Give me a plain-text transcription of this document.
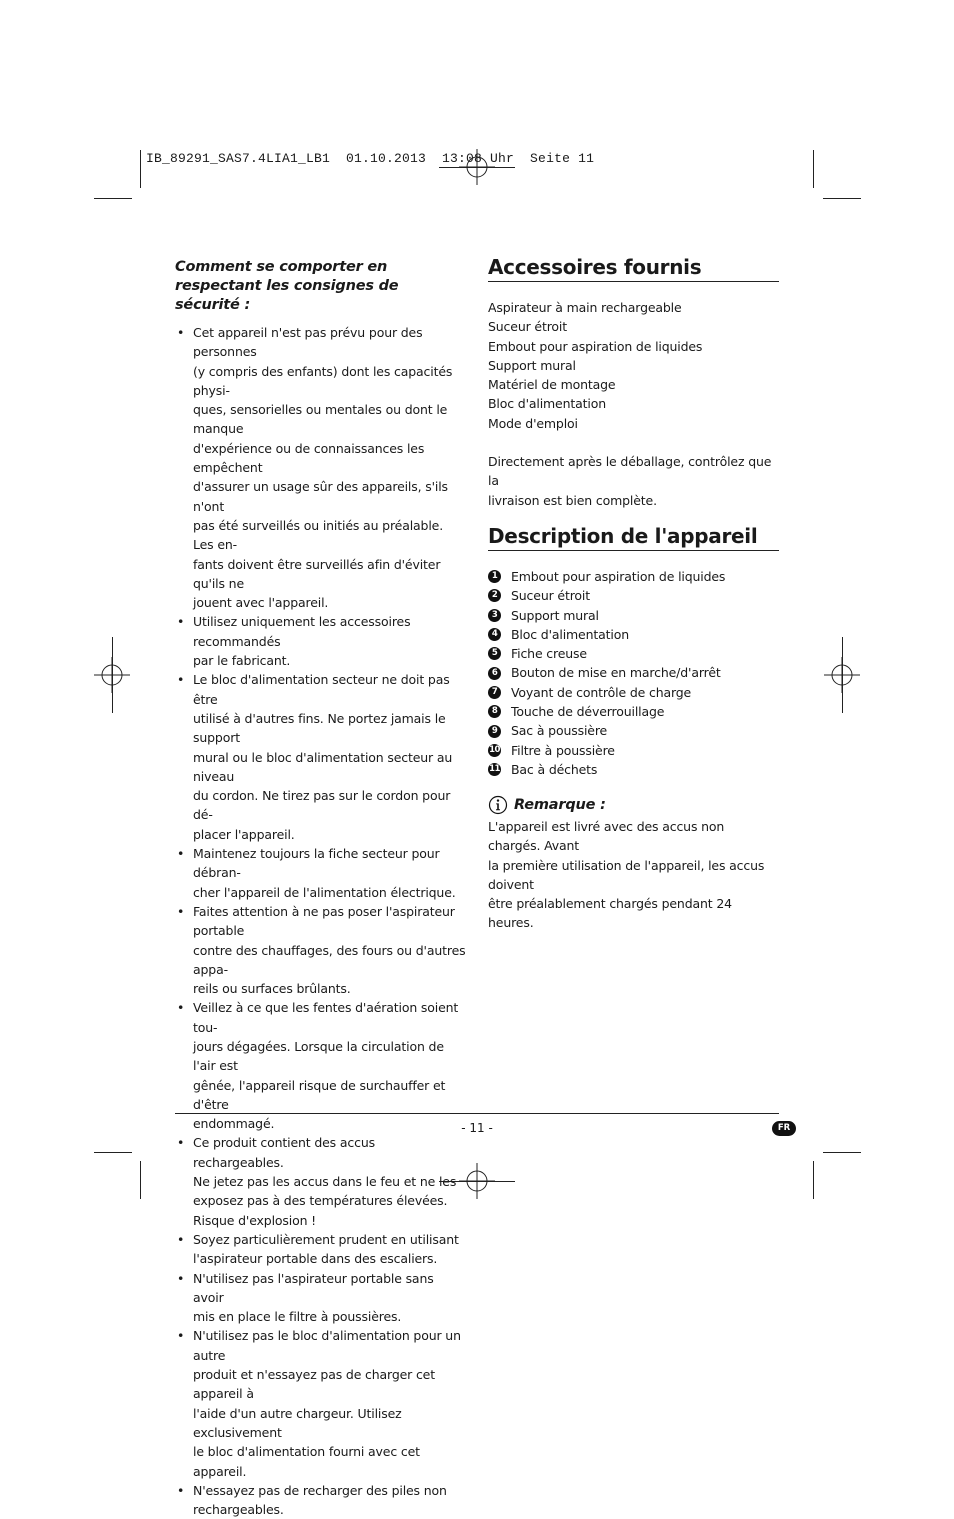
IB_89291_SAS7.4LIA1_LB1  01.10.2013  13:08 Uhr  Seite 11
Comment se comporter en respectant les consignes de sécurité :
• Cet appareil n'est pas prévu pour des personnes
(y compris des enfants) dont les capacités physi-
ques, sensorielles ou mentales ou dont le manque
d'expérience ou de connaissances les empêchent
d'assurer un usage sûr des appareils, s'ils n'ont
pas été surveillés ou initiés au préalable. Les en-
fants doivent être surveillés afin d'éviter qu'ils ne
jouent avec l'appareil.
• Utilisez uniquement les accessoires recommandés
par le fabricant.
• Le bloc d'alimentation secteur ne doit pas être
utilisé à d'autres fins. Ne portez jamais le support
mural ou le bloc d'alimentation secteur au niveau
du cordon. Ne tirez pas sur le cordon pour dé-
placer l'appareil.
• Maintenez toujours la fiche secteur pour débran-
cher l'appareil de l'alimentation électrique.
• Faites attention à ne pas poser l'aspirateur portable
contre des chauffages, des fours ou d'autres appa-
reils ou surfaces brûlants.
• Veillez à ce que les fentes d'aération soient tou-
jours dégagées. Lorsque la circulation de l'air est
gênée, l'appareil risque de surchauffer et d'être
endommagé.
• Ce produit contient des accus rechargeables.
Ne jetez pas les accus dans le feu et ne les
exposez pas à des températures élevées.
Risque d'explosion !
• Soyez particulièrement prudent en utilisant
l'aspirateur portable dans des escaliers.
• N'utilisez pas l'aspirateur portable sans avoir
mis en place le filtre à poussières.
• N'utilisez pas le bloc d'alimentation pour un autre
produit et n'essayez pas de charger cet appareil à
l'aide d'un autre chargeur. Utilisez exclusivement
le bloc d'alimentation fourni avec cet appareil.
• N'essayez pas de recharger des piles non
rechargeables.
Accessoires fournis
Aspirateur à main rechargeable
Suceur étroit
Embout pour aspiration de liquides
Support mural
Matériel de montage
Bloc d'alimentation
Mode d'emploi

Directement après le déballage, contrôlez que la
livraison est bien complète.

Description de l'appareil
1	Embout pour aspiration de liquides
2	Suceur étroit
3	Support mural
4	Bloc d'alimentation
5	Fiche creuse
6	Bouton de mise en marche/d'arrêt
7	Voyant de contrôle de charge
8	Touche de déverrouillage
9	Sac à poussière
10 Filtre à poussière
11 Bac à déchets
Remarque :

L'appareil est livré avec des accus non chargés. Avant
la première utilisation de l'appareil, les accus doivent
être préalablement chargés pendant 24 heures.

- 11 -	FR
